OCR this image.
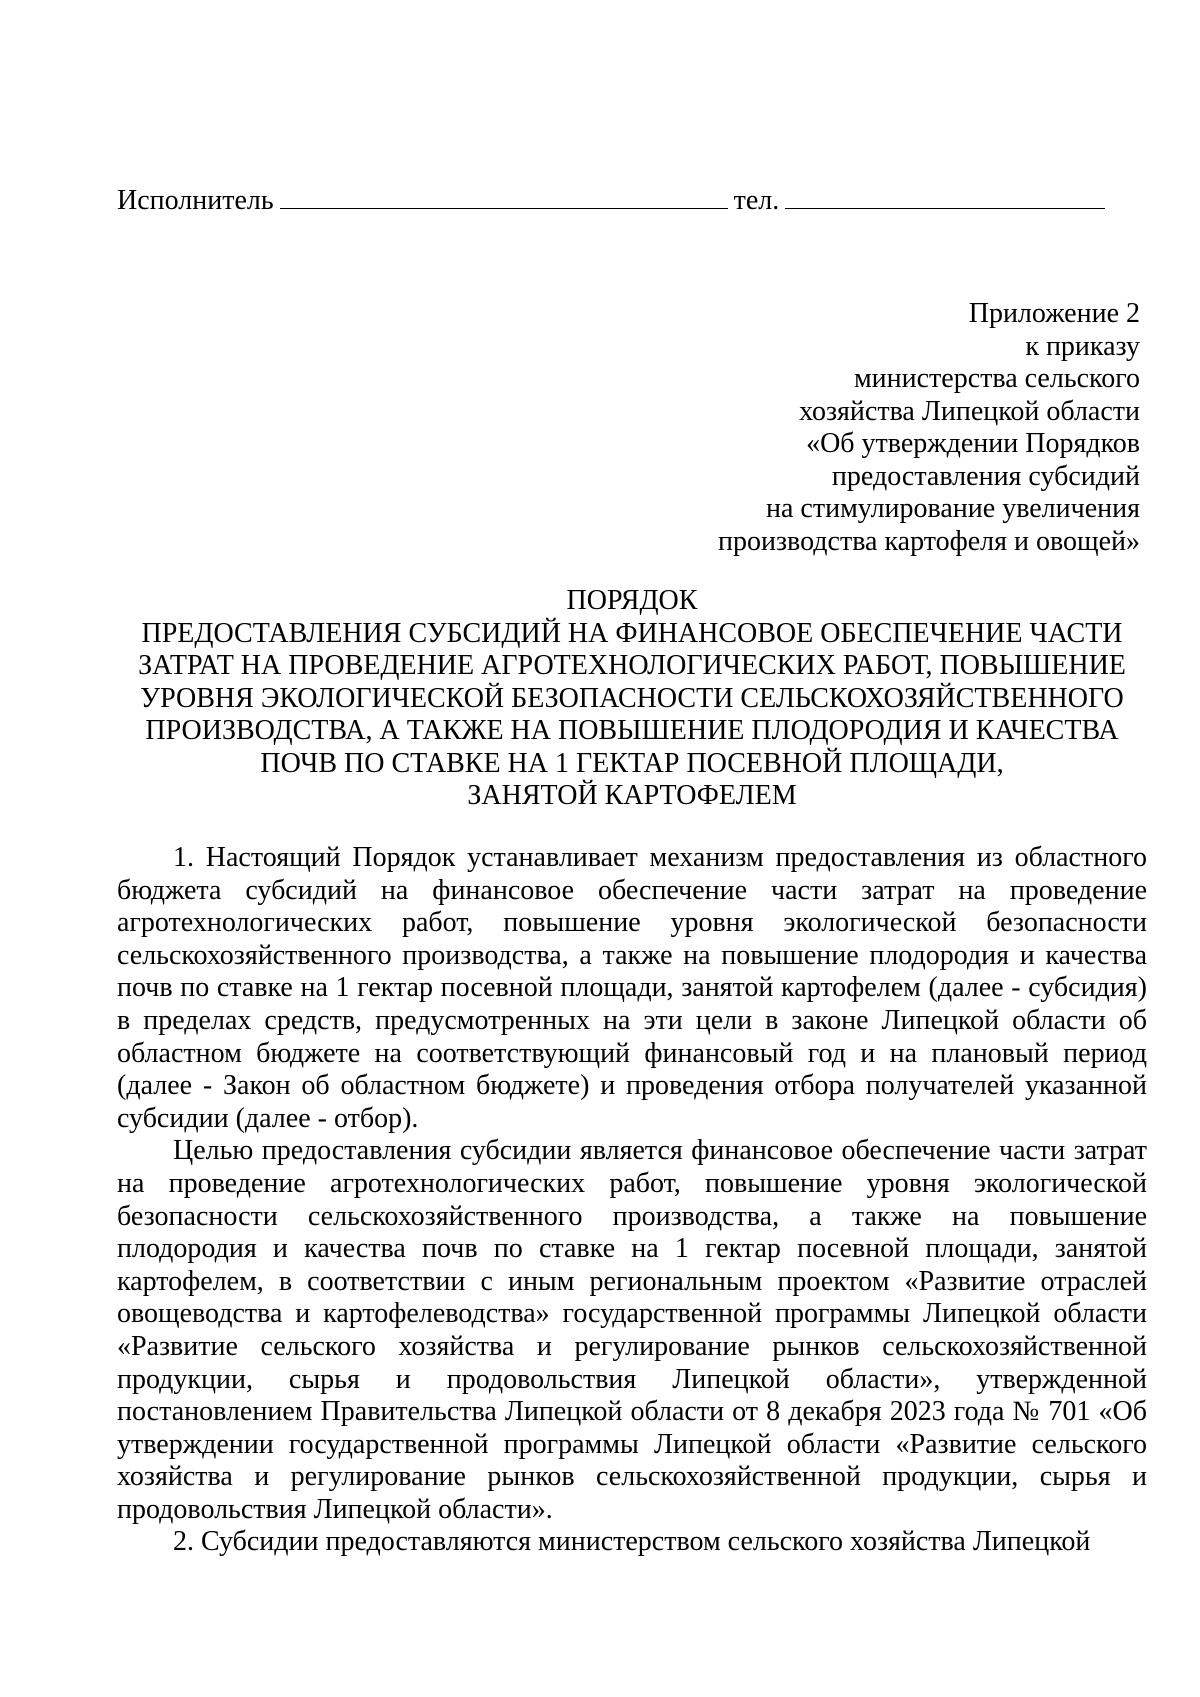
Исполнитель	тел.
Приложение 2
к приказу
министерства сельского
хозяйства Липецкой области
«Об утверждении Порядков
предоставления субсидий
на стимулирование увеличения
производства картофеля и овощей»
ПОРЯДОК
ПРЕДОСТАВЛЕНИЯ СУБСИДИЙ НА ФИНАНСОВОЕ ОБЕСПЕЧЕНИЕ ЧАСТИ
ЗАТРАТ НА ПРОВЕДЕНИЕ АГРОТЕХНОЛОГИЧЕСКИХ РАБОТ, ПОВЫШЕНИЕ
УРОВНЯ ЭКОЛОГИЧЕСКОЙ БЕЗОПАСНОСТИ СЕЛЬСКОХОЗЯЙСТВЕННОГО
ПРОИЗВОДСТВА, А ТАКЖЕ НА ПОВЫШЕНИЕ ПЛОДОРОДИЯ И КАЧЕСТВА
ПОЧВ ПО СТАВКЕ НА 1 ГЕКТАР ПОСЕВНОЙ ПЛОЩАДИ,
ЗАНЯТОЙ КАРТОФЕЛЕМ

1. Настоящий Порядок устанавливает механизм предоставления из областного бюджета субсидий на финансовое обеспечение части затрат на проведение агротехнологических работ, повышение уровня экологической безопасности сельскохозяйственного производства, а также на повышение плодородия и качества почв по ставке на 1 гектар посевной площади, занятой картофелем (далее - субсидия) в пределах средств, предусмотренных на эти цели в законе Липецкой области об областном бюджете на соответствующий финансовый год и на плановый период (далее - Закон об областном бюджете) и проведения отбора получателей указанной субсидии (далее - отбор).

Целью предоставления субсидии является финансовое обеспечение части затрат на проведение агротехнологических работ, повышение уровня экологической безопасности сельскохозяйственного производства, а также на повышение плодородия и качества почв по ставке на 1 гектар посевной площади, занятой картофелем, в соответствии с иным региональным проектом «Развитие отраслей овощеводства и картофелеводства» государственной программы Липецкой области «Развитие сельского хозяйства и регулирование рынков сельскохозяйственной продукции, сырья и продовольствия Липецкой области», утвержденной постановлением Правительства Липецкой области от 8 декабря 2023 года № 701 «Об утверждении государственной программы Липецкой области «Развитие сельского хозяйства и регулирование рынков сельскохозяйственной продукции, сырья и продовольствия Липецкой области».

2. Субсидии предоставляются министерством сельского хозяйства Липецкой
